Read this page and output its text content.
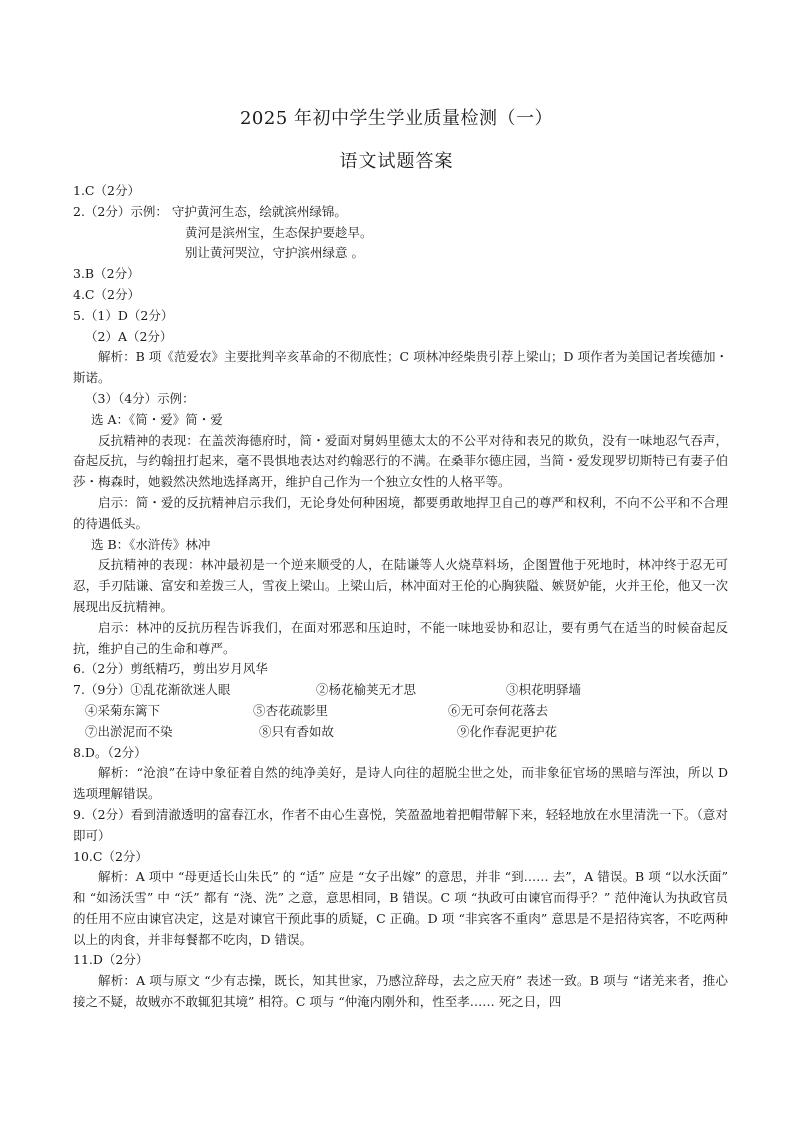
2025 年初中学生学业质量检测（一）
语文试题答案
1.C（2分）
2.（2分）示例： 守护黄河生态，绘就滨州绿锦。
黄河是滨州宝，生态保护要趁早。
别让黄河哭泣，守护滨州绿意 。
3.B（2分）
4.C（2分）
5.（1）D（2分）
（2）A（2分）
解析：B 项《范爱农》主要批判辛亥革命的不彻底性；C 项林冲经柴贵引荐上梁山；D 项作者为美国记者埃德加・斯诺。
（3）（4分）示例：
选 A：《简・爱》简・爱
反抗精神的表现：在盖茨海德府时，简・爱面对舅妈里德太太的不公平对待和表兄的欺负，没有一味地忍气吞声，奋起反抗，与约翰扭打起来，毫不畏惧地表达对约翰恶行的不满。在桑菲尔德庄园，当简・爱发现罗切斯特已有妻子伯莎・梅森时，她毅然决然地选择离开，维护自己作为一个独立女性的人格平等。
启示：简・爱的反抗精神启示我们，无论身处何种困境，都要勇敢地捍卫自己的尊严和权利，不向不公平和不合理的待遇低头。
选 B：《水浒传》林冲
反抗精神的表现：林冲最初是一个逆来顺受的人，在陆谦等人火烧草料场，企图置他于死地时，林冲终于忍无可忍，手刃陆谦、富安和差拨三人，雪夜上梁山。上梁山后，林冲面对王伦的心胸狭隘、嫉贤妒能，火并王伦，他又一次展现出反抗精神。
启示：林冲的反抗历程告诉我们，在面对邪恶和压迫时，不能一味地妥协和忍让，要有勇气在适当的时候奋起反抗，维护自己的生命和尊严。
6.（2分）剪纸精巧，剪出岁月风华
7.（9分）①乱花渐欲迷人眼	②杨花榆荚无才思	③枳花明驿墙
④采菊东篱下	⑤杏花疏影里	⑥无可奈何花落去
⑦出淤泥而不染	⑧只有香如故	⑨化作春泥更护花
8.D。（2分）
解析：“沧浪”在诗中象征着自然的纯净美好，是诗人向往的超脱尘世之处，而非象征官场的黑暗与浑浊，所以 D 选项理解错误。
9.（2分）看到清澈透明的富春江水，作者不由心生喜悦，笑盈盈地着把帽带解下来，轻轻地放在水里清洗一下。（意对即可）
10.C（2分）
解析：A 项中 “母更适长山朱氏” 的 “适” 应是 “女子出嫁” 的意思，并非 “到…… 去”，A 错误。B 项 “以水沃面” 和 “如汤沃雪” 中 “沃” 都有 “浇、洗” 之意，意思相同，B 错误。C 项 “执政可由谏官而得乎？” 范仲淹认为执政官员的任用不应由谏官决定，这是对谏官干预此事的质疑，C 正确。D 项 “非宾客不重肉” 意思是不是招待宾客，不吃两种以上的肉食，并非每餐都不吃肉，D 错误。
11.D（2分）
解析：A 项与原文 “少有志操，既长，知其世家，乃感泣辞母，去之应天府” 表述一致。B 项与 “诸羌来者，推心接之不疑，故贼亦不敢辄犯其境” 相符。C 项与 “仲淹内刚外和，性至孝…… 死之日，四
